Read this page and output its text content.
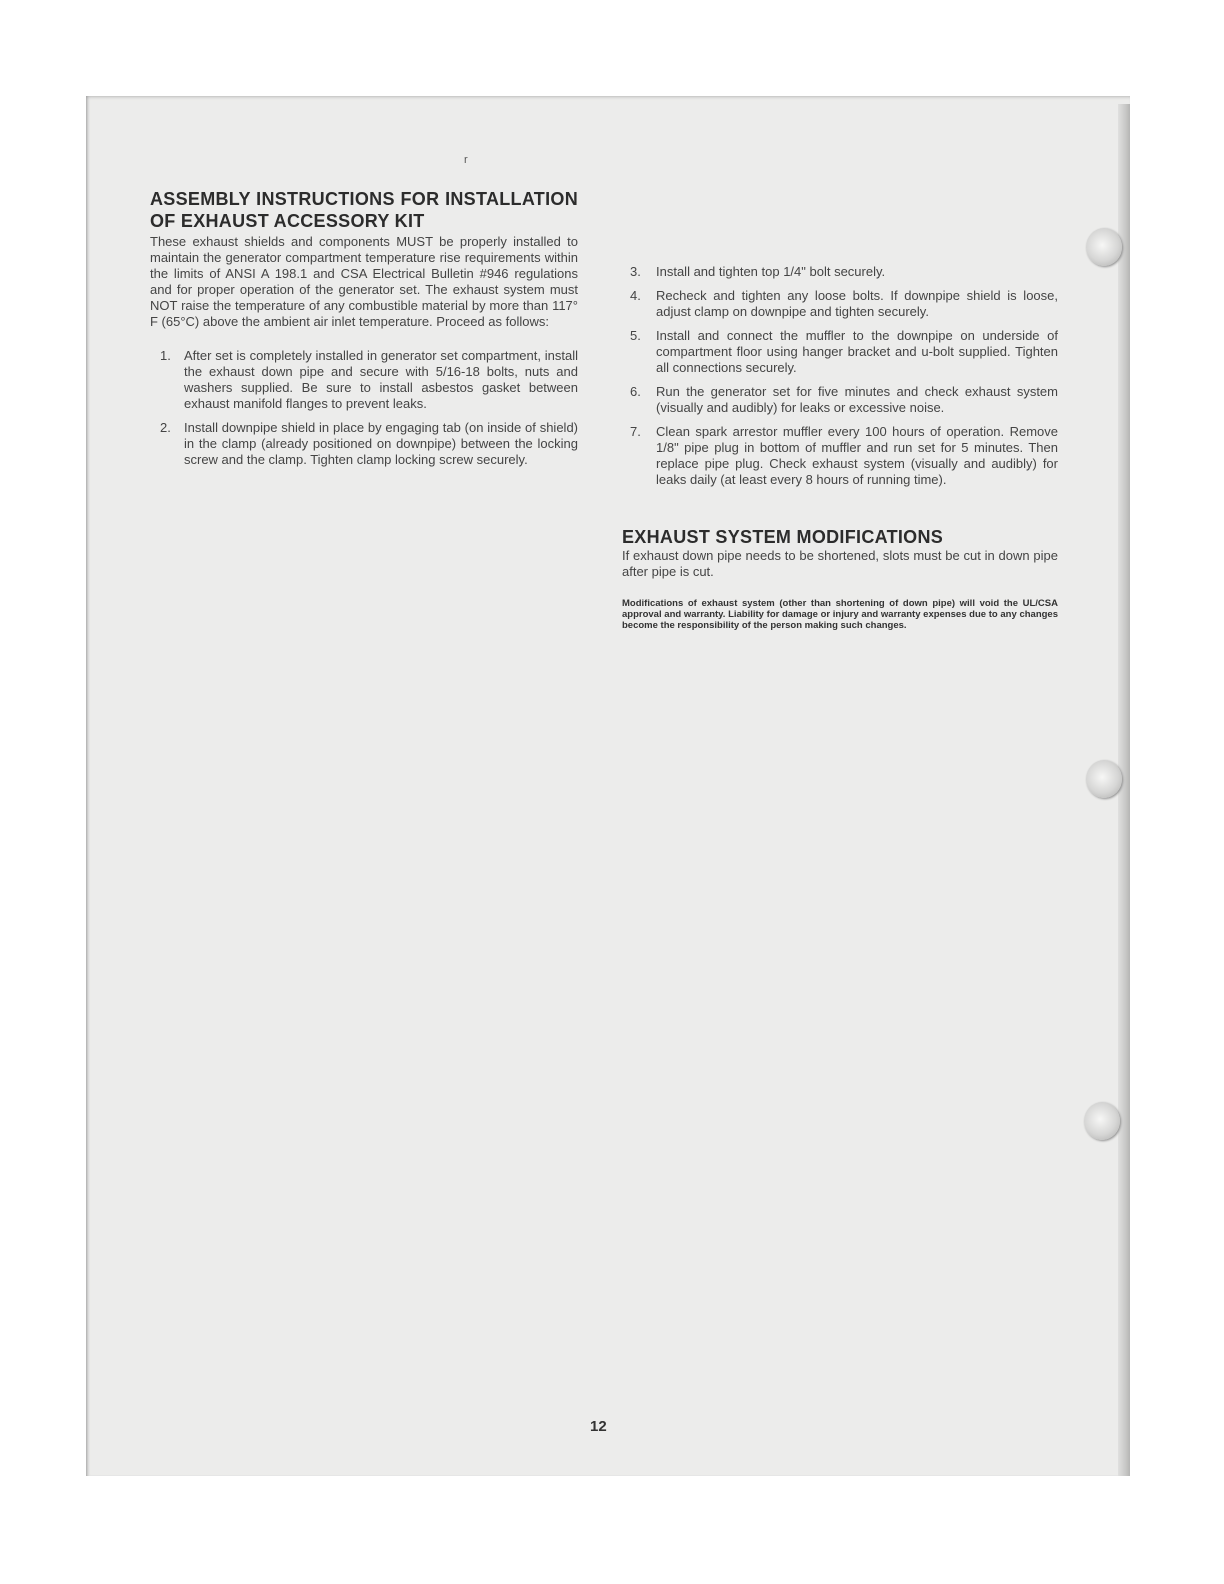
r
ASSEMBLY INSTRUCTIONS FOR INSTALLATION OF EXHAUST ACCESSORY KIT

These exhaust shields and components MUST be properly installed to maintain the generator compartment temperature rise requirements within the limits of ANSI A 198.1 and CSA Electrical Bulletin #946 regulations and for proper operation of the generator set. The exhaust system must NOT raise the temperature of any combustible material by more than 117° F (65°C) above the ambient air inlet temperature. Proceed as follows:

1. After set is completely installed in generator set compartment, install the exhaust down pipe and secure with 5/16-18 bolts, nuts and washers supplied. Be sure to install asbestos gasket between exhaust manifold flanges to prevent leaks.
2. Install downpipe shield in place by engaging tab (on inside of shield) in the clamp (already positioned on downpipe) between the locking screw and the clamp. Tighten clamp locking screw securely.
3. Install and tighten top 1/4" bolt securely.
4. Recheck and tighten any loose bolts. If downpipe shield is loose, adjust clamp on downpipe and tighten securely.
5. Install and connect the muffler to the downpipe on underside of compartment floor using hanger bracket and u-bolt supplied. Tighten all connections securely.
6. Run the generator set for five minutes and check exhaust system (visually and audibly) for leaks or excessive noise.
7. Clean spark arrestor muffler every 100 hours of operation. Remove 1/8" pipe plug in bottom of muffler and run set for 5 minutes. Then replace pipe plug. Check exhaust system (visually and audibly) for leaks daily (at least every 8 hours of running time).
EXHAUST SYSTEM MODIFICATIONS

If exhaust down pipe needs to be shortened, slots must be cut in down pipe after pipe is cut.

Modifications of exhaust system (other than shortening of down pipe) will void the UL/CSA approval and warranty. Liability for damage or injury and warranty expenses due to any changes become the responsibility of the person making such changes.

12
